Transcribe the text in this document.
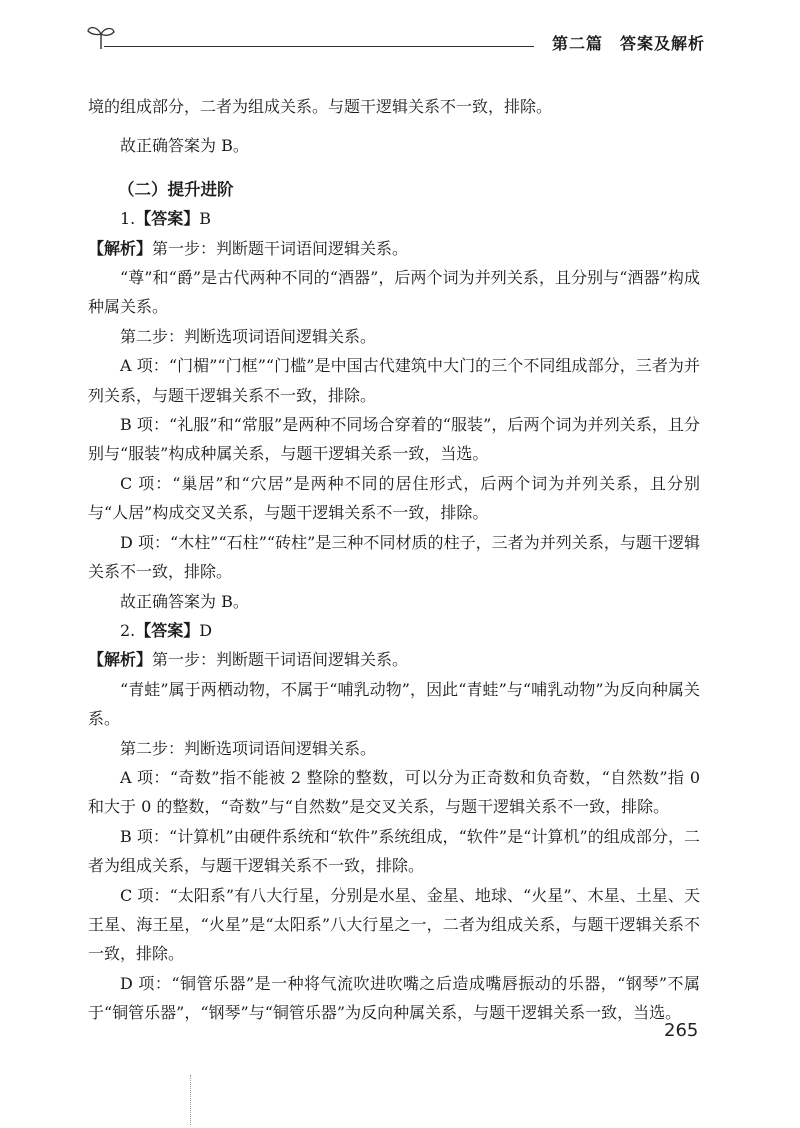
第二篇　答案及解析

境的组成部分，二者为组成关系。与题干逻辑关系不一致，排除。

故正确答案为 B。

（二）提升进阶

1.【答案】B

【解析】第一步：判断题干词语间逻辑关系。

“尊”和“爵”是古代两种不同的“酒器”，后两个词为并列关系，且分别与“酒器”构成种属关系。

第二步：判断选项词语间逻辑关系。

A 项：“门楣”“门框”“门槛”是中国古代建筑中大门的三个不同组成部分，三者为并列关系，与题干逻辑关系不一致，排除。

B 项：“礼服”和“常服”是两种不同场合穿着的“服装”，后两个词为并列关系，且分别与“服装”构成种属关系，与题干逻辑关系一致，当选。

C 项：“巢居”和“穴居”是两种不同的居住形式，后两个词为并列关系，且分别与“人居”构成交叉关系，与题干逻辑关系不一致，排除。

D 项：“木柱”“石柱”“砖柱”是三种不同材质的柱子，三者为并列关系，与题干逻辑关系不一致，排除。

故正确答案为 B。

2.【答案】D

【解析】第一步：判断题干词语间逻辑关系。

“青蛙”属于两栖动物，不属于“哺乳动物”，因此“青蛙”与“哺乳动物”为反向种属关系。

第二步：判断选项词语间逻辑关系。

A 项：“奇数”指不能被 2 整除的整数，可以分为正奇数和负奇数，“自然数”指 0 和大于 0 的整数，“奇数”与“自然数”是交叉关系，与题干逻辑关系不一致，排除。

B 项：“计算机”由硬件系统和“软件”系统组成，“软件”是“计算机”的组成部分，二者为组成关系，与题干逻辑关系不一致，排除。

C 项：“太阳系”有八大行星，分别是水星、金星、地球、“火星”、木星、土星、天王星、海王星，“火星”是“太阳系”八大行星之一，二者为组成关系，与题干逻辑关系不一致，排除。

D 项：“铜管乐器”是一种将气流吹进吹嘴之后造成嘴唇振动的乐器，“钢琴”不属于“铜管乐器”，“钢琴”与“铜管乐器”为反向种属关系，与题干逻辑关系一致，当选。

265
